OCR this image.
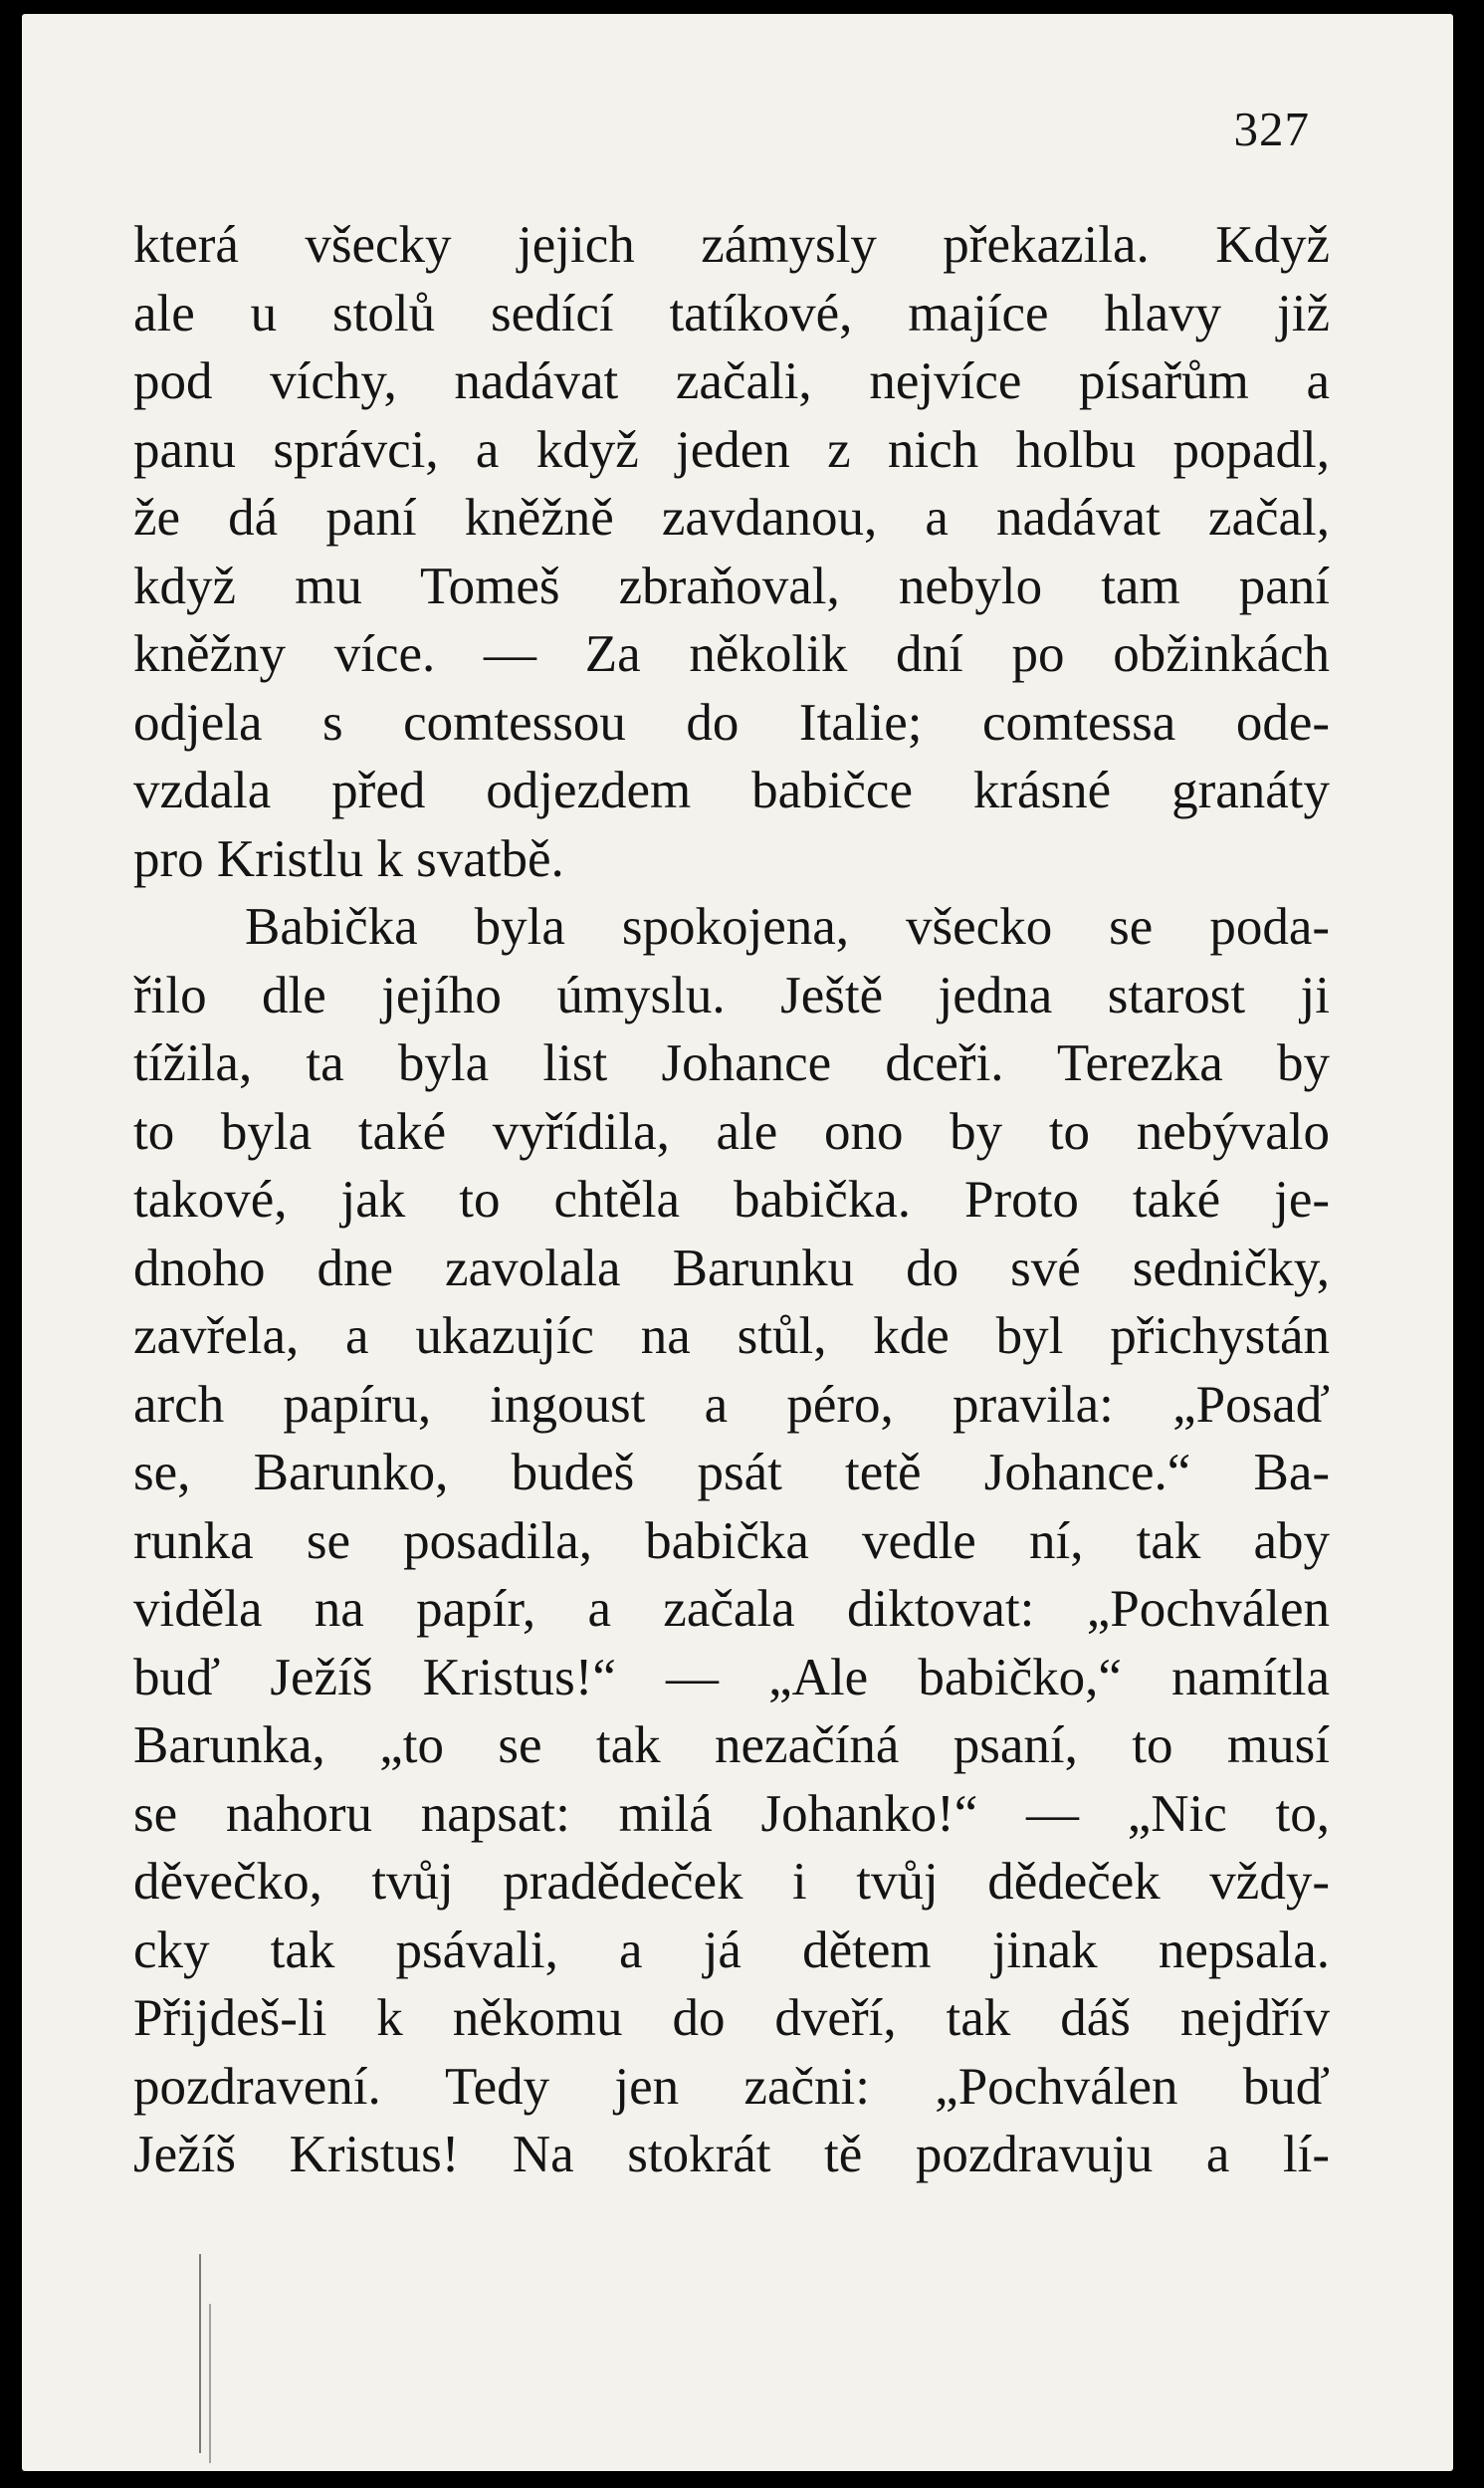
327
která všecky jejich zámysly překazila. Když
ale u stolů sedící tatíkové, majíce hlavy již
pod víchy, nadávat začali, nejvíce písařům a
panu správci, a když jeden z nich holbu popadl,
že dá paní kněžně zavdanou, a nadávat začal,
když mu Tomeš zbraňoval, nebylo tam paní
kněžny více. — Za několik dní po obžinkách
odjela s comtessou do Italie; comtessa ode-
vzdala před odjezdem babičce krásné granáty
pro Kristlu k svatbě.
Babička byla spokojena, všecko se poda-
řilo dle jejího úmyslu. Ještě jedna starost ji
tížila, ta byla list Johance dceři. Terezka by
to byla také vyřídila, ale ono by to nebývalo
takové, jak to chtěla babička. Proto také je-
dnoho dne zavolala Barunku do své sedničky,
zavřela, a ukazujíc na stůl, kde byl přichystán
arch papíru, ingoust a péro, pravila: „Posaď
se, Barunko, budeš psát tetě Johance.“ Ba-
runka se posadila, babička vedle ní, tak aby
viděla na papír, a začala diktovat: „Pochválen
buď Ježíš Kristus!“ — „Ale babičko,“ namítla
Barunka, „to se tak nezačíná psaní, to musí
se nahoru napsat: milá Johanko!“ — „Nic to,
děvečko, tvůj pradědeček i tvůj dědeček vždy-
cky tak psávali, a já dětem jinak nepsala.
Přijdeš-li k někomu do dveří, tak dáš nejdřív
pozdravení. Tedy jen začni: „Pochválen buď
Ježíš Kristus! Na stokrát tě pozdravuju a lí-
